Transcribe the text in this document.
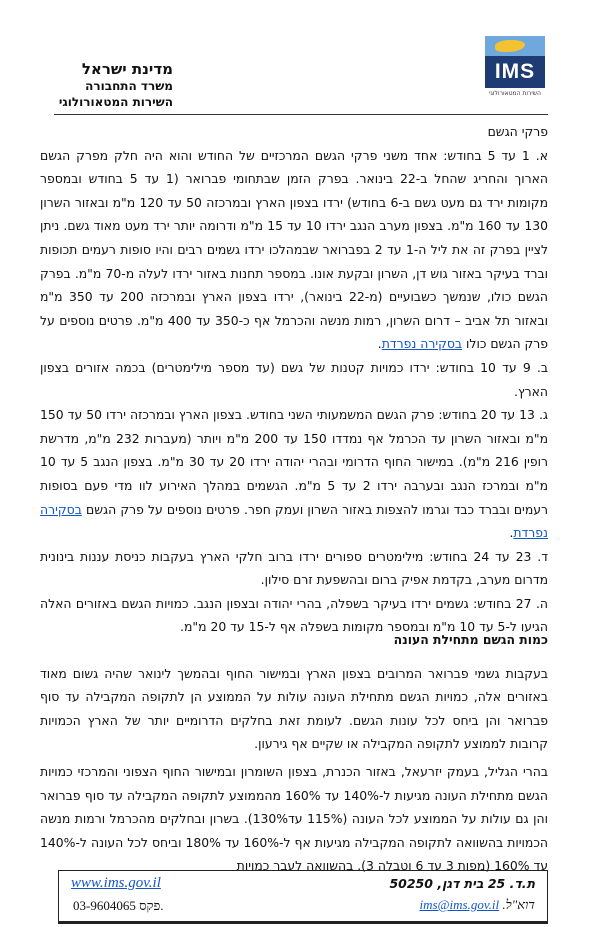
IMS
השירות המטאורולוגי
מדינת ישראל
משרד התחבורה
השירות המטאורולוגי

פרקי הגשם

א. 1 עד 5 בחודש: אחד משני פרקי הגשם המרכזיים של החודש והוא היה חלק מפרק הגשם הארוך והחריג שהחל ב-22 בינואר. בפרק הזמן שבתחומי פברואר (1 עד 5 בחודש ובמספר מקומות ירד גם מעט גשם ב-6 בחודש) ירדו בצפון הארץ ובמרכזה 50 עד 120 מ"מ ובאזור השרון 130 עד 160 מ"מ. בצפון מערב הנגב ירדו 10 עד 15 מ"מ ודרומה יותר ירד מעט מאוד גשם. ניתן לציין בפרק זה את ליל ה-1 עד 2 בפברואר שבמהלכו ירדו גשמים רבים והיו סופות רעמים תכופות וברד בעיקר באזור גוש דן, השרון ובקעת אונו. במספר תחנות באזור ירדו לעלה מ-70 מ"מ. בפרק הגשם כולו, שנמשך כשבועיים (מ-22 בינואר), ירדו בצפון הארץ ובמרכזה 200 עד 350 מ"מ ובאזור תל אביב – דרום השרון, רמות מנשה והכרמל אף כ-350 עד 400 מ"מ. פרטים נוספים על פרק הגשם כולו בסקירה נפרדת.

ב. 9 עד 10 בחודש: ירדו כמויות קטנות של גשם (עד מספר מילימטרים) בכמה אזורים בצפון הארץ.

ג. 13 עד 20 בחודש: פרק הגשם המשמעותי השני בחודש. בצפון הארץ ובמרכזה ירדו 50 עד 150 מ"מ ובאזור השרון עד הכרמל אף נמדדו 150 עד 200 מ"מ ויותר (מעברות 232 מ"מ, מדרשת רופין 216 מ"מ). במישור החוף הדרומי ובהרי יהודה ירדו 20 עד 30 מ"מ. בצפון הנגב 5 עד 10 מ"מ ובמרכז הנגב ובערבה ירדו 2 עד 5 מ"מ. הגשמים במהלך האירוע לוו מדי פעם בסופות רעמים ובברד כבד וגרמו להצפות באזור השרון ועמק חפר. פרטים נוספים על פרק הגשם בסקירה נפרדת.

ד. 23 עד 24 בחודש: מילימטרים ספורים ירדו ברוב חלקי הארץ בעקבות כניסת עננות בינונית מדרום מערב, בקדמת אפיק ברום ובהשפעת זרם סילון.

ה. 27 בחודש: גשמים ירדו בעיקר בשפלה, בהרי יהודה ובצפון הנגב. כמויות הגשם באזורים האלה הגיעו ל-5 עד 10 מ"מ ובמספר מקומות בשפלה אף ל-15 עד 20 מ"מ.

כמות הגשם מתחילת העונה

בעקבות גשמי פברואר המרובים בצפון הארץ ובמישור החוף ובהמשך לינואר שהיה גשום מאוד באזורים אלה, כמויות הגשם מתחילת העונה עולות על הממוצע הן לתקופה המקבילה עד סוף פברואר והן ביחס לכל עונות הגשם. לעומת זאת בחלקים הדרומיים יותר של הארץ הכמויות קרובות לממוצע לתקופה המקבילה או שקיים אף גירעון.

בהרי הגליל, בעמק יזרעאל, באזור הכנרת, בצפון השומרון ובמישור החוף הצפוני והמרכזי כמויות הגשם מתחילת העונה מגיעות ל-140% עד 160% מהממוצע לתקופה המקבילה עד סוף פברואר והן גם עולות על הממוצע לכל העונה (115% עד130%). בשרון ובחלקים מהכרמל ורמות מנשה הכמויות בהשוואה לתקופה המקבילה מגיעות אף ל-160% עד 180% וביחס לכל העונה ל-140% עד 160% (מפות 3 עד 6 וטבלה 3). בהשוואה לעבר כמויות

www.ims.gov.il
03-9604065 פקס.
ת.ד. 25 בית דגן, 50250
דוא"ל. ims@ims.gov.il
